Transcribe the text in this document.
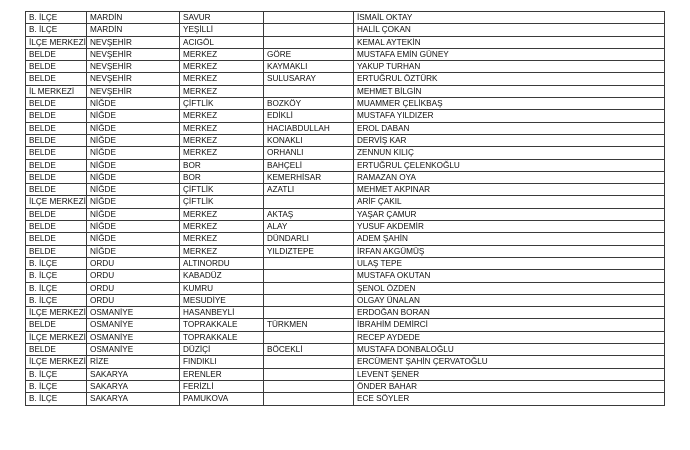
B. İLÇE	MARDİN	SAVUR		İSMAİL OKTAY
B. İLÇE	MARDİN	YEŞİLLİ		HALİL ÇOKAN
İLÇE MERKEZİ	NEVŞEHİR	ACIGÖL		KEMAL AYTEKİN
BELDE	NEVŞEHİR	MERKEZ	GÖRE	MUSTAFA EMİN GÜNEY
BELDE	NEVŞEHİR	MERKEZ	KAYMAKLI	YAKUP TURHAN
BELDE	NEVŞEHİR	MERKEZ	SULUSARAY	ERTUĞRUL ÖZTÜRK
İL MERKEZİ	NEVŞEHİR	MERKEZ		MEHMET BİLGİN
BELDE	NİĞDE	ÇİFTLİK	BOZKÖY	MUAMMER ÇELİKBAŞ
BELDE	NİĞDE	MERKEZ	EDİKLİ	MUSTAFA YILDIZER
BELDE	NİĞDE	MERKEZ	HACIABDULLAH	EROL DABAN
BELDE	NİĞDE	MERKEZ	KONAKLI	DERVİŞ KAR
BELDE	NİĞDE	MERKEZ	ORHANLI	ZENNUN KILIÇ
BELDE	NİĞDE	BOR	BAHÇELİ	ERTUĞRUL ÇELENKOĞLU
BELDE	NİĞDE	BOR	KEMERHİSAR	RAMAZAN OYA
BELDE	NİĞDE	ÇİFTLİK	AZATLI	MEHMET AKPINAR
İLÇE MERKEZİ	NİĞDE	ÇİFTLİK		ARİF ÇAKIL
BELDE	NİĞDE	MERKEZ	AKTAŞ	YAŞAR ÇAMUR
BELDE	NİĞDE	MERKEZ	ALAY	YUSUF AKDEMİR
BELDE	NİĞDE	MERKEZ	DÜNDARLI	ADEM ŞAHİN
BELDE	NİĞDE	MERKEZ	YILDIZTEPE	İRFAN AKGÜMÜŞ
B. İLÇE	ORDU	ALTINORDU		ULAŞ TEPE
B. İLÇE	ORDU	KABADÜZ		MUSTAFA OKUTAN
B. İLÇE	ORDU	KUMRU		ŞENOL ÖZDEN
B. İLÇE	ORDU	MESUDİYE		OLGAY ÜNALAN
İLÇE MERKEZİ	OSMANİYE	HASANBEYLİ		ERDOĞAN BORAN
BELDE	OSMANİYE	TOPRAKKALE	TÜRKMEN	İBRAHİM DEMİRCİ
İLÇE MERKEZİ	OSMANİYE	TOPRAKKALE		RECEP AYDEDE
BELDE	OSMANİYE	DÜZİÇİ	BÖCEKLİ	MUSTAFA DONBALOĞLU
İLÇE MERKEZİ	RİZE	FINDIKLI		ERCÜMENT ŞAHİN ÇERVATOĞLU
B. İLÇE	SAKARYA	ERENLER		LEVENT ŞENER
B. İLÇE	SAKARYA	FERİZLİ		ÖNDER BAHAR
B. İLÇE	SAKARYA	PAMUKOVA		ECE SÖYLER
